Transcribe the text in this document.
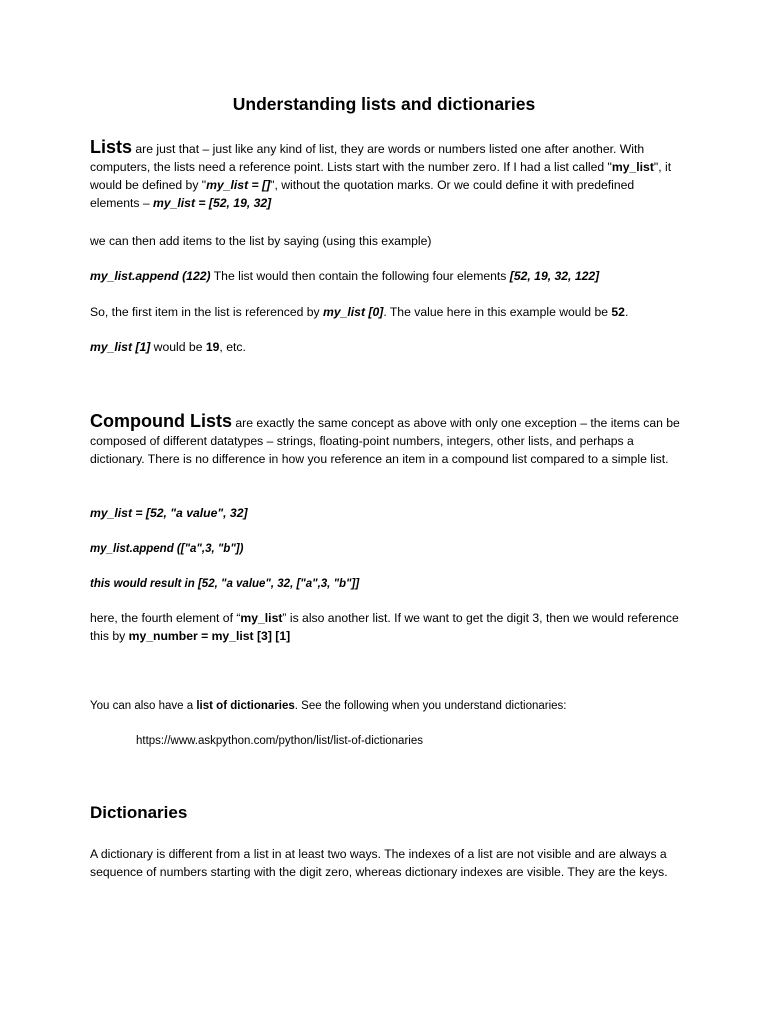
Understanding lists and dictionaries

Lists are just that – just like any kind of list, they are words or numbers listed one after another. With computers, the lists need a reference point. Lists start with the number zero. If I had a list called "my_list", it would be defined by "my_list = []", without the quotation marks. Or we could define it with predefined elements – my_list = [52, 19, 32]

we can then add items to the list by saying (using this example)

my_list.append (122) The list would then contain the following four elements [52, 19, 32, 122]

So, the first item in the list is referenced by my_list [0]. The value here in this example would be 52.

my_list [1] would be 19, etc.

Compound Lists are exactly the same concept as above with only one exception – the items can be composed of different datatypes – strings, floating-point numbers, integers, other lists, and perhaps a dictionary. There is no difference in how you reference an item in a compound list compared to a simple list.

my_list = [52, "a value", 32]

my_list.append (["a",3, "b"])

this would result in [52, "a value", 32, ["a",3, "b"]]

here, the fourth element of “my_list” is also another list. If we want to get the digit 3, then we would reference this by my_number = my_list [3] [1]

You can also have a list of dictionaries. See the following when you understand dictionaries:

https://www.askpython.com/python/list/list-of-dictionaries

Dictionaries

A dictionary is different from a list in at least two ways. The indexes of a list are not visible and are always a sequence of numbers starting with the digit zero, whereas dictionary indexes are visible. They are the keys.
